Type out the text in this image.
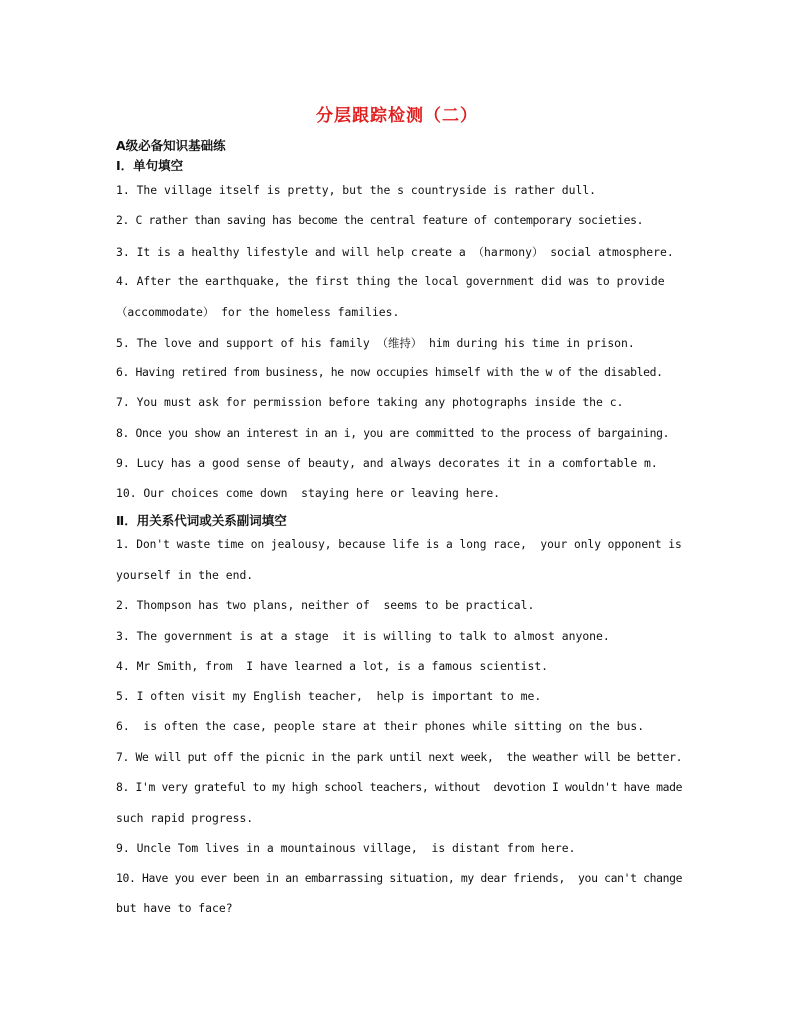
分层跟踪检测（二）
A级必备知识基础练
Ⅰ．单句填空
1. The village itself is pretty, but the s countryside is rather dull.
2. C rather than saving has become the central feature of contemporary societies.
3. It is a healthy lifestyle and will help create a （harmony） social atmosphere.
4. After the earthquake, the first thing the local government did was to provide
（accommodate） for the homeless families.
5. The love and support of his family （维持） him during his time in prison.
6. Having retired from business, he now occupies himself with the w of the disabled.
7. You must ask for permission before taking any photographs inside the c.
8. Once you show an interest in an i, you are committed to the process of bargaining.
9. Lucy has a good sense of beauty, and always decorates it in a comfortable m.
10. Our choices come down  staying here or leaving here.
Ⅱ．用关系代词或关系副词填空
1. Don't waste time on jealousy, because life is a long race,  your only opponent is
yourself in the end.
2. Thompson has two plans, neither of  seems to be practical.
3. The government is at a stage  it is willing to talk to almost anyone.
4. Mr Smith, from  I have learned a lot, is a famous scientist.
5. I often visit my English teacher,  help is important to me.
6.  is often the case, people stare at their phones while sitting on the bus.
7. We will put off the picnic in the park until next week,  the weather will be better.
8. I'm very grateful to my high school teachers, without  devotion I wouldn't have made
such rapid progress.
9. Uncle Tom lives in a mountainous village,  is distant from here.
10. Have you ever been in an embarrassing situation, my dear friends,  you can't change
but have to face?
